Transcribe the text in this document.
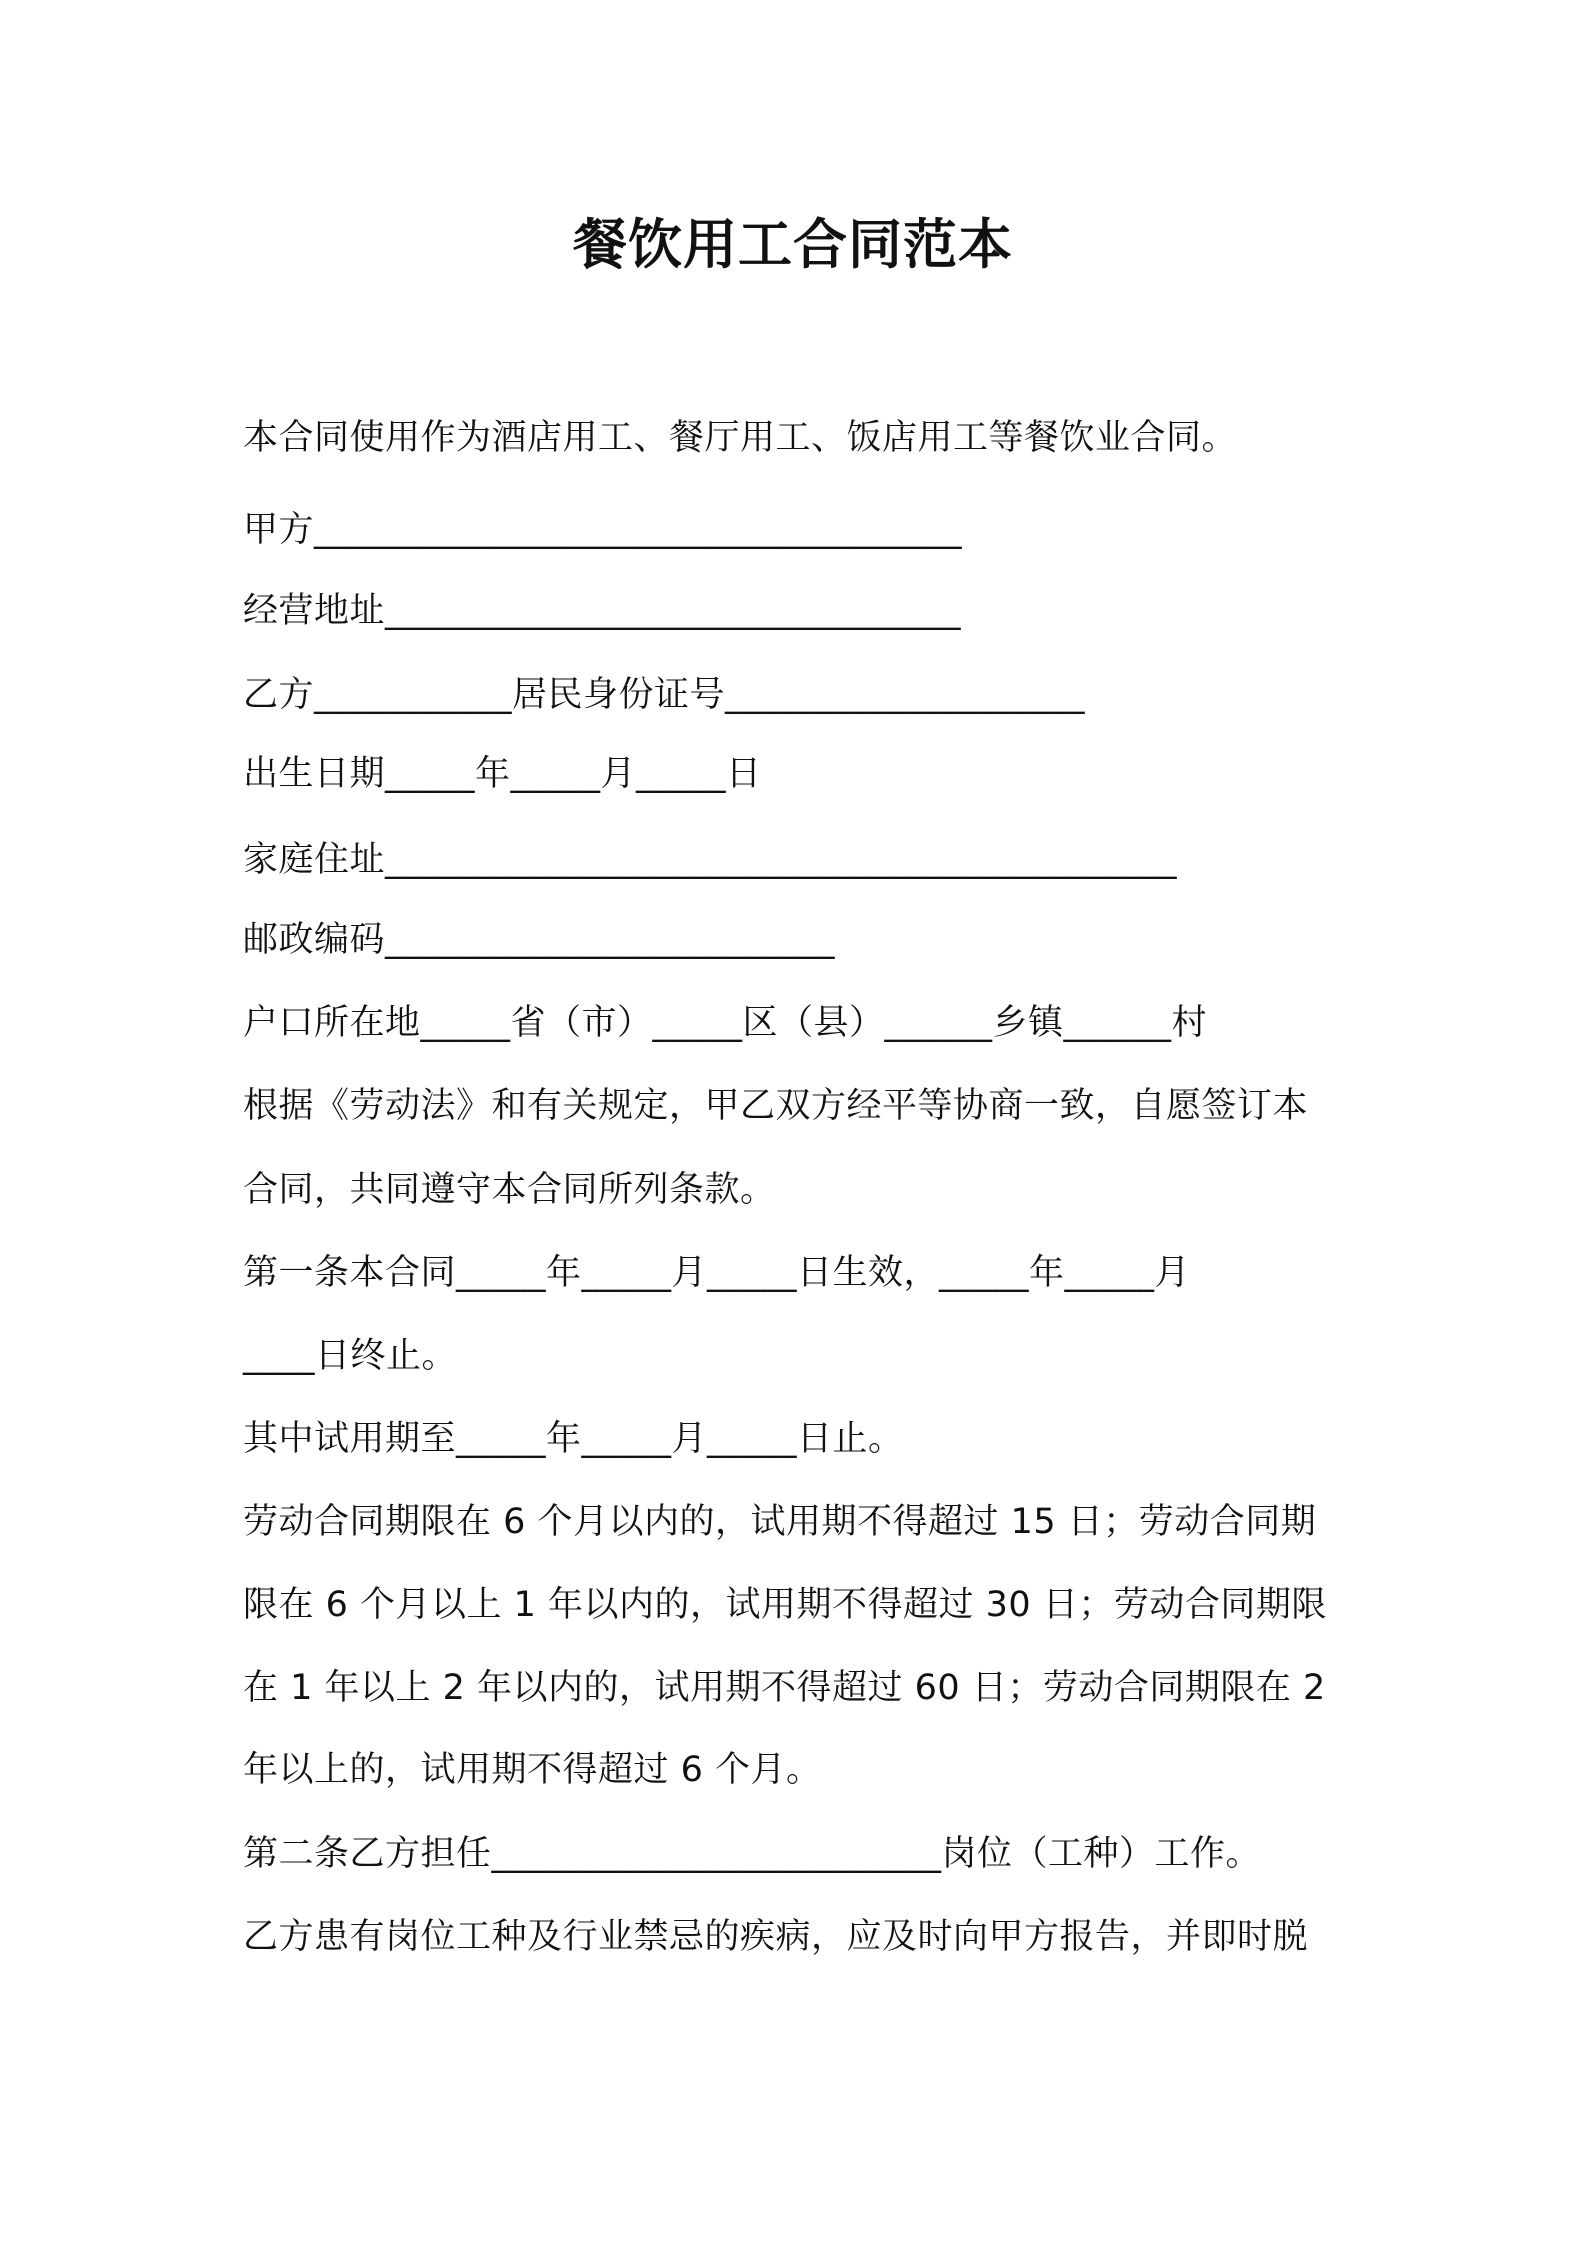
餐饮用工合同范本
本合同使用作为酒店用工、餐厅用工、饭店用工等餐饮业合同。
甲方____________________________________
经营地址________________________________
乙方___________居民身份证号____________________
出生日期_____年_____月_____日
家庭住址____________________________________________
邮政编码_________________________
户口所在地_____省（市）_____区（县）______乡镇______村
根据《劳动法》和有关规定，甲乙双方经平等协商一致，自愿签订本
合同，共同遵守本合同所列条款。
第一条本合同_____年_____月_____日生效，_____年_____月
____日终止。
其中试用期至_____年_____月_____日止。
劳动合同期限在 6 个月以内的，试用期不得超过 15 日；劳动合同期
限在 6 个月以上 1 年以内的，试用期不得超过 30 日；劳动合同期限
在 1 年以上 2 年以内的，试用期不得超过 60 日；劳动合同期限在 2
年以上的，试用期不得超过 6 个月。
第二条乙方担任_________________________岗位（工种）工作。
乙方患有岗位工种及行业禁忌的疾病，应及时向甲方报告，并即时脱
